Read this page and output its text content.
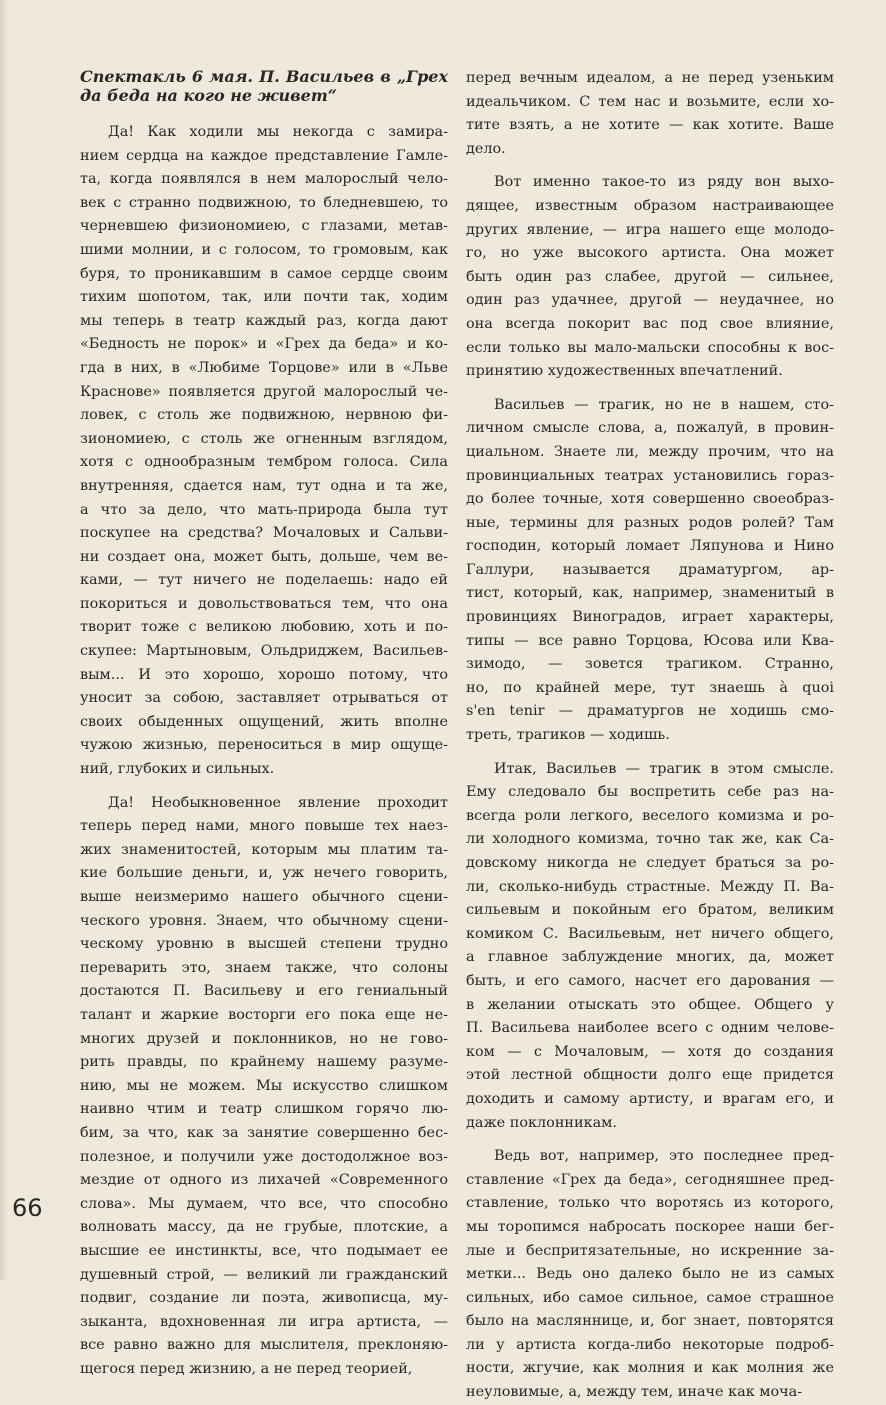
Спектакль 6 мая. П. Васильев в „Грех
да беда на кого не живет“

Да! Как ходили мы некогда с замира-
нием сердца на каждое представление Гамле-
та, когда появлялся в нем малорослый чело-
век с странно подвижною, то бледневшею, то
черневшею физиономиею, с глазами, метав-
шими молнии, и с голосом, то громовым, как
буря, то проникавшим в самое сердце своим
тихим шопотом, так, или почти так, ходим
мы теперь в театр каждый раз, когда дают
«Бедность не порок» и «Грех да беда» и ко-
гда в них, в «Любиме Торцове» или в «Льве
Краснове» появляется другой малорослый че-
ловек, с столь же подвижною, нервною фи-
зиономиею, с столь же огненным взглядом,
хотя с однообразным тембром голоса. Сила
внутренняя, сдается нам, тут одна и та же,
а что за дело, что мать-природа была тут
поскупее на средства? Мочаловых и Сальви-
ни создает она, может быть, дольше, чем ве-
ками, — тут ничего не поделаешь: надо ей
покориться и довольствоваться тем, что она
творит тоже с великою любовию, хоть и по-
скупее: Мартыновым, Ольдриджем, Васильев-
вым... И это хорошо, хорошо потому, что
уносит за собою, заставляет отрываться от
своих обыденных ощущений, жить вполне
чужою жизнью, переноситься в мир ощуще-
ний, глубоких и сильных.

Да! Необыкновенное явление проходит
теперь перед нами, много повыше тех наез-
жих знаменитостей, которым мы платим та-
кие большие деньги, и, уж нечего говорить,
выше неизмеримо нашего обычного сцени-
ческого уровня. Знаем, что обычному сцени-
ческому уровню в высшей степени трудно
переварить это, знаем также, что солоны
достаются П. Васильеву и его гениальный
талант и жаркие восторги его пока еще не-
многих друзей и поклонников, но не гово-
рить правды, по крайнему нашему разуме-
нию, мы не можем. Мы искусство слишком
наивно чтим и театр слишком горячо лю-
бим, за что, как за занятие совершенно бес-
полезное, и получили уже достодолжное воз-
мездие от одного из лихачей «Современного
слова». Мы думаем, что все, что способно
волновать массу, да не грубые, плотские, а
высшие ее инстинкты, все, что подымает ее
душевный строй, — великий ли гражданский
подвиг, создание ли поэта, живописца, му-
зыканта, вдохновенная ли игра артиста, —
все равно важно для мыслителя, преклоняю-
щегося перед жизнию, а не перед теорией,

перед вечным идеалом, а не перед узеньким
идеальчиком. С тем нас и возьмите, если хо-
тите взять, а не хотите — как хотите. Ваше
дело.

Вот именно такое-то из ряду вон выхо-
дящее, известным образом настраивающее
других явление, — игра нашего еще молодо-
го, но уже высокого артиста. Она может
быть один раз слабее, другой — сильнее,
один раз удачнее, другой — неудачнее, но
она всегда покорит вас под свое влияние,
если только вы мало-мальски способны к вос-
принятию художественных впечатлений.

Васильев — трагик, но не в нашем, сто-
личном смысле слова, а, пожалуй, в провин-
циальном. Знаете ли, между прочим, что на
провинциальных театрах установились гораз-
до более точные, хотя совершенно своеобраз-
ные, термины для разных родов ролей? Там
господин, который ломает Ляпунова и Нино
Галлури, называется драматургом, ар-
тист, который, как, например, знаменитый в
провинциях Виноградов, играет характеры,
типы — все равно Торцова, Юсова или Ква-
зимодо, — зовется трагиком. Странно,
но, по крайней мере, тут знаешь à quoi
s'en tenir — драматургов не ходишь смо-
треть, трагиков — ходишь.

Итак, Васильев — трагик в этом смысле.
Ему следовало бы воспретить себе раз на-
всегда роли легкого, веселого комизма и ро-
ли холодного комизма, точно так же, как Са-
довскому никогда не следует браться за ро-
ли, сколько-нибудь страстные. Между П. Ва-
сильевым и покойным его братом, великим
комиком С. Васильевым, нет ничего общего,
а главное заблуждение многих, да, может
быть, и его самого, насчет его дарования —
в желании отыскать это общее. Общего у
П. Васильева наиболее всего с одним человe-
ком — с Мочаловым, — хотя до создания
этой лестной общности долго еще придется
доходить и самому артисту, и врагам его, и
даже поклонникам.

Ведь вот, например, это последнее пред-
ставление «Грех да беда», сегодняшнее пред-
ставление, только что воротясь из которого,
мы торопимся набросать поскорее наши бег-
лые и беспритязательные, но искренние за-
метки... Ведь оно далеко было не из самых
сильных, ибо самое сильное, самое страшное
было на масляннице, и, бог знает, повторятся
ли у артиста когда-либо некоторые подроб-
ности, жгучие, как молния и как молния же
неуловимые, а, между тем, иначе как моча-

66
